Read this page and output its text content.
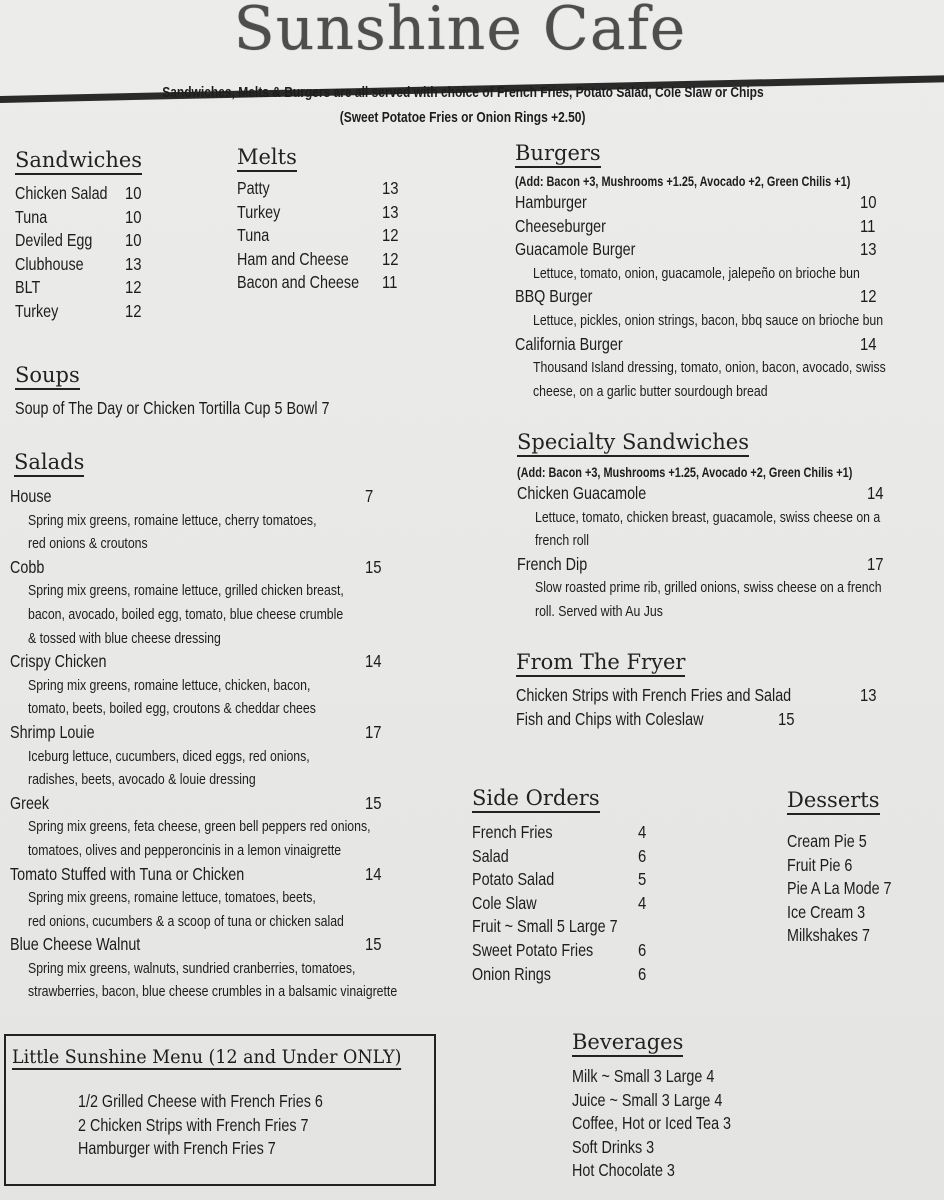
Sunshine Cafe
Sandwiches, Melts & Burgers are all served with choice of French Fries, Potato Salad, Cole Slaw or Chips
(Sweet Potatoe Fries or Onion Rings +2.50)
Sandwiches
Chicken Salad 10
Tuna	10
Deviled Egg 10
Clubhouse 13
BLT	12
Turkey	12
Melts
Patty	13
Turkey	13
Tuna	12
Ham and Cheese 12
Bacon and Cheese 11
Burgers
(Add: Bacon +3, Mushrooms +1.25, Avocado +2, Green Chilis +1)
Hamburger	10
Cheeseburger	11
Guacamole Burger	13
Lettuce, tomato, onion, guacamole, jalepeño on brioche bun
BBQ Burger	12
Lettuce, pickles, onion strings, bacon, bbq sauce on brioche bun
California Burger	14
Thousand Island dressing, tomato, onion, bacon, avocado, swiss
cheese, on a garlic butter sourdough bread
Soups
Soup of The Day or Chicken Tortilla Cup 5 Bowl 7
Salads
House	7
Spring mix greens, romaine lettuce, cherry tomatoes,
red onions & croutons
Cobb	15
Spring mix greens, romaine lettuce, grilled chicken breast,
bacon, avocado, boiled egg, tomato, blue cheese crumble
& tossed with blue cheese dressing
Crispy Chicken	14
Spring mix greens, romaine lettuce, chicken, bacon,
tomato, beets, boiled egg, croutons & cheddar chees
Shrimp Louie	17
Iceburg lettuce, cucumbers, diced eggs, red onions,
radishes, beets, avocado & louie dressing
Greek	15
Spring mix greens, feta cheese, green bell peppers red onions,
tomatoes, olives and pepperoncinis in a lemon vinaigrette
Tomato Stuffed with Tuna or Chicken	14
Spring mix greens, romaine lettuce, tomatoes, beets,
red onions, cucumbers & a scoop of tuna or chicken salad
Blue Cheese Walnut	15
Spring mix greens, walnuts, sundried cranberries, tomatoes,
strawberries, bacon, blue cheese crumbles in a balsamic vinaigrette
Specialty Sandwiches
(Add: Bacon +3, Mushrooms +1.25, Avocado +2, Green Chilis +1)
Chicken Guacamole	14
Lettuce, tomato, chicken breast, guacamole, swiss cheese on a
french roll
French Dip	17
Slow roasted prime rib, grilled onions, swiss cheese on a french
roll. Served with Au Jus
From The Fryer
Chicken Strips with French Fries and Salad	13
Fish and Chips with Coleslaw	15
Side Orders
French Fries	4
Salad	6
Potato Salad	5
Cole Slaw	4
Fruit ~ Small 5 Large 7
Sweet Potato Fries	6
Onion Rings	6
Desserts
Cream Pie 5
Fruit Pie 6
Pie A La Mode 7
Ice Cream 3
Milkshakes 7
Little Sunshine Menu (12 and Under ONLY)
1/2 Grilled Cheese with French Fries 6
2 Chicken Strips with French Fries 7
Hamburger with French Fries 7
Beverages
Milk ~ Small 3 Large 4
Juice ~ Small 3 Large 4
Coffee, Hot or Iced Tea 3
Soft Drinks 3
Hot Chocolate 3
